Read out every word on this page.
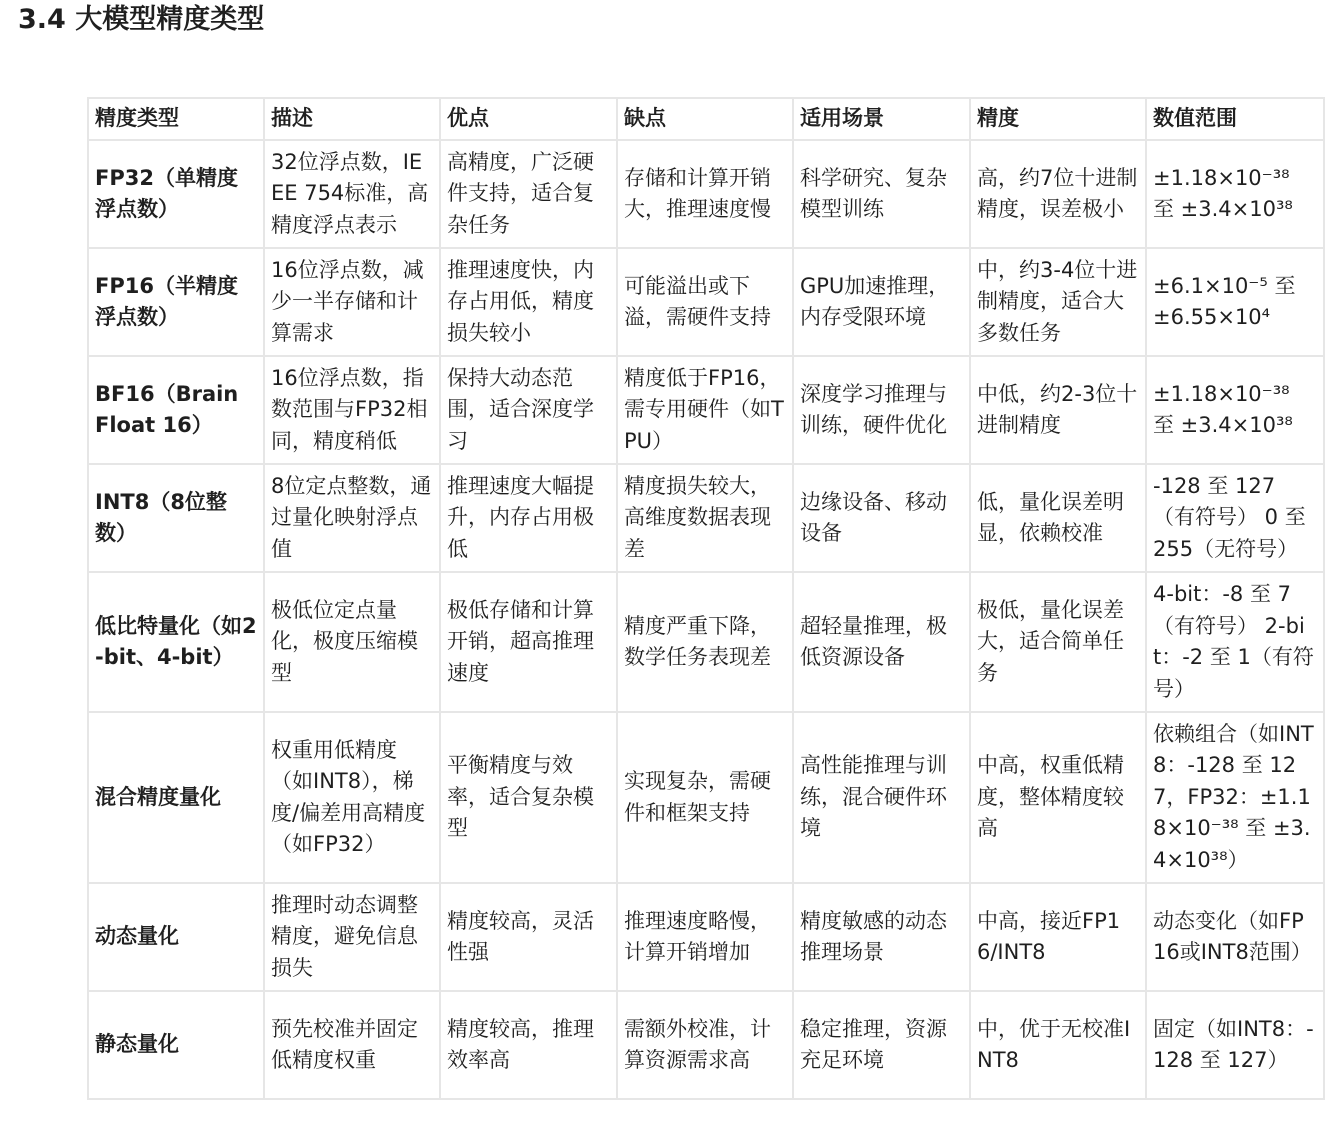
3.4 大模型精度类型
精度类型	描述	优点	缺点	适用场景	精度	数值范围
FP32（单精度浮点数）	32位浮点数，IEEE 754标准，高精度浮点表示	高精度，广泛硬件支持，适合复杂任务	存储和计算开销大，推理速度慢	科学研究、复杂模型训练	高，约7位十进制精度，误差极小	±1.18×10⁻³⁸ 至 ±3.4×10³⁸
FP16（半精度浮点数）	16位浮点数，减少一半存储和计算需求	推理速度快，内存占用低，精度损失较小	可能溢出或下溢，需硬件支持	GPU加速推理，内存受限环境	中，约3-4位十进制精度，适合大多数任务	±6.1×10⁻⁵ 至 ±6.55×10⁴
BF16（Brain Float 16）	16位浮点数，指数范围与FP32相同，精度稍低	保持大动态范围，适合深度学习	精度低于FP16，需专用硬件（如TPU）	深度学习推理与训练，硬件优化	中低，约2-3位十进制精度	±1.18×10⁻³⁸ 至 ±3.4×10³⁸
INT8（8位整数）	8位定点整数，通过量化映射浮点值	推理速度大幅提升，内存占用极低	精度损失较大，高维度数据表现差	边缘设备、移动设备	低，量化误差明显，依赖校准	-128 至 127（有符号） 0 至 255（无符号）
低比特量化（如2-bit、4-bit）	极低位定点量化，极度压缩模型	极低存储和计算开销，超高推理速度	精度严重下降，数学任务表现差	超轻量推理，极低资源设备	极低，量化误差大，适合简单任务	4-bit：-8 至 7（有符号） 2-bit：-2 至 1（有符号）
混合精度量化	权重用低精度（如INT8），梯度/偏差用高精度（如FP32）	平衡精度与效率，适合复杂模型	实现复杂，需硬件和框架支持	高性能推理与训练，混合硬件环境	中高，权重低精度，整体精度较高	依赖组合（如INT8：-128 至 127，FP32：±1.18×10⁻³⁸ 至 ±3.4×10³⁸）
动态量化	推理时动态调整精度，避免信息损失	精度较高，灵活性强	推理速度略慢，计算开销增加	精度敏感的动态推理场景	中高，接近FP16/INT8	动态变化（如FP16或INT8范围）
静态量化	预先校准并固定低精度权重	精度较高，推理效率高	需额外校准，计算资源需求高	稳定推理，资源充足环境	中，优于无校准INT8	固定（如INT8：-128 至 127）
